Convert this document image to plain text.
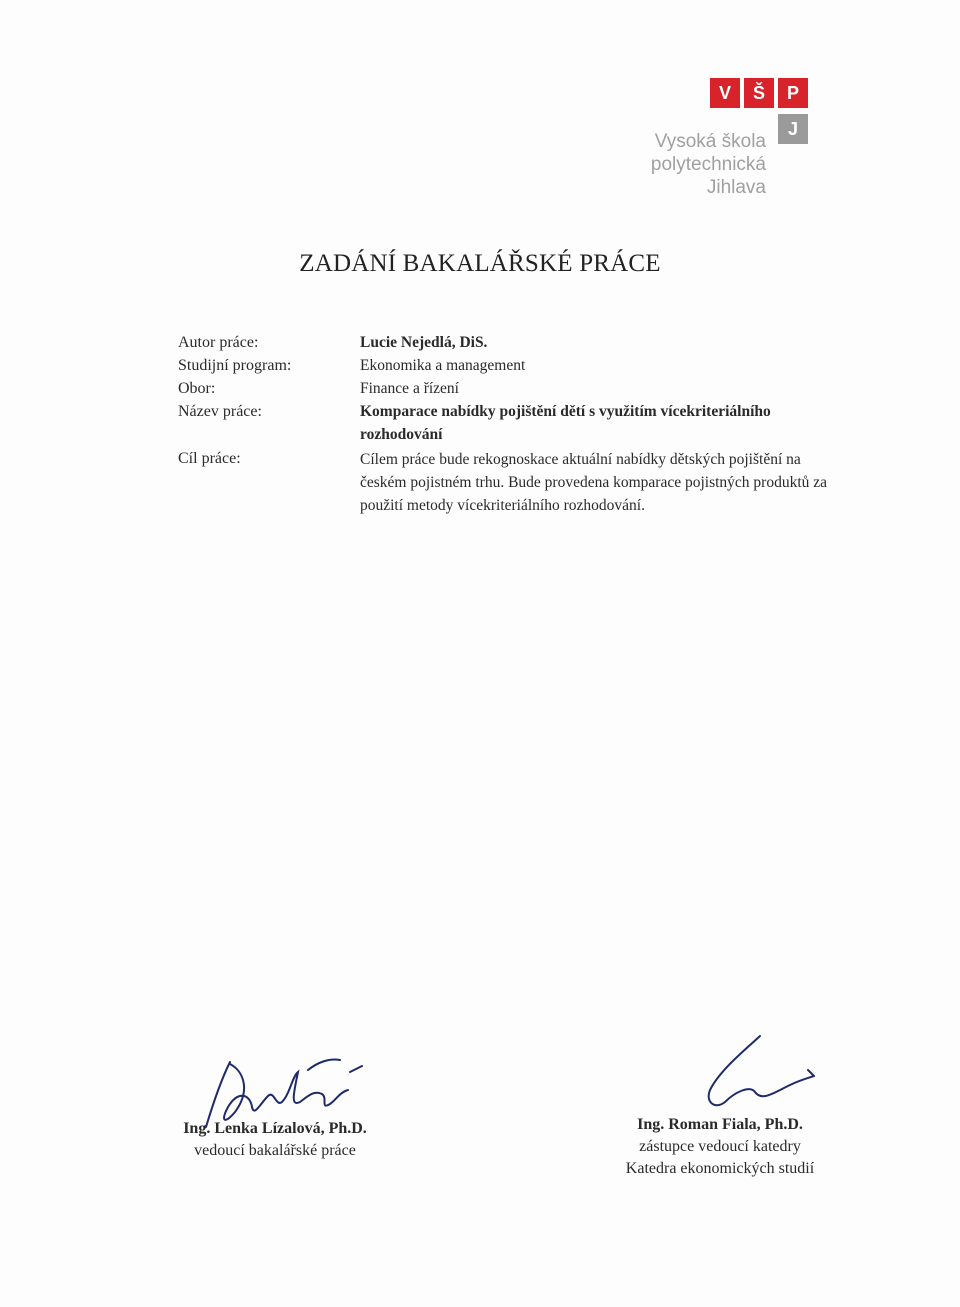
V	Š	P
J
Vysoká škola
polytechnická
Jihlava
ZADÁNÍ BAKALÁŘSKÉ PRÁCE
Autor práce:	Lucie Nejedlá, DiS.
Studijní program:	Ekonomika a management
Obor:	Finance a řízení
Název práce:	Komparace nabídky pojištění dětí s využitím vícekriteriálního
rozhodování
Cíl práce:	Cílem práce bude rekognoskace aktuální nabídky dětských pojištění na českém pojistném trhu. Bude provedena komparace pojistných produktů za použití metody vícekriteriálního rozhodování.
Ing. Lenka Lízalová, Ph.D.
vedoucí bakalářské práce
Ing. Roman Fiala, Ph.D.
zástupce vedoucí katedry
Katedra ekonomických studií
